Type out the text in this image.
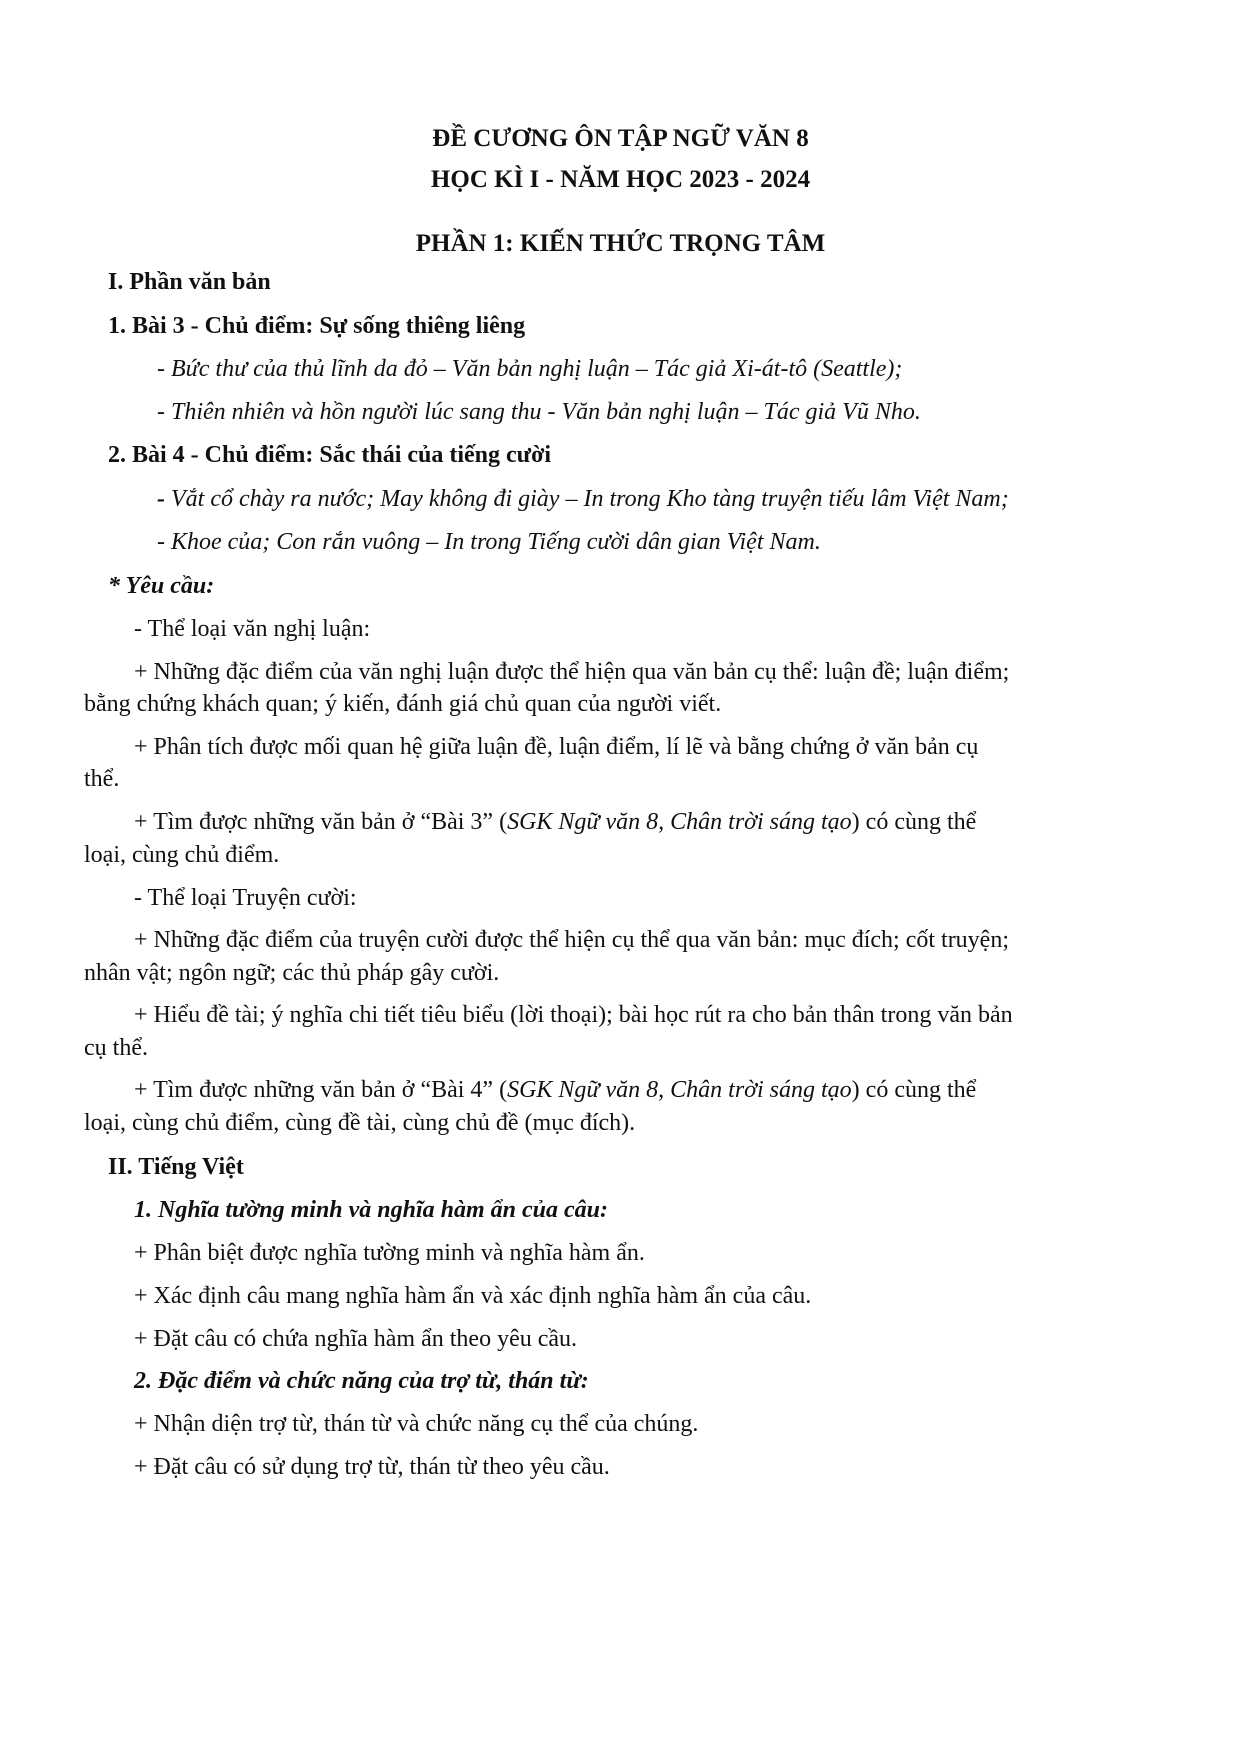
ĐỀ CƯƠNG ÔN TẬP NGỮ VĂN 8
HỌC KÌ I - NĂM HỌC 2023 - 2024
PHẦN 1: KIẾN THỨC TRỌNG TÂM
I. Phần văn bản
1. Bài 3 - Chủ điểm: Sự sống thiêng liêng
- Bức thư của thủ lĩnh da đỏ – Văn bản nghị luận – Tác giả Xi-át-tô (Seattle);
- Thiên nhiên và hồn người lúc sang thu - Văn bản nghị luận – Tác giả Vũ Nho.
2. Bài 4 - Chủ điểm: Sắc thái của tiếng cười
- Vắt cổ chày ra nước; May không đi giày – In trong Kho tàng truyện tiếu lâm Việt Nam;
- Khoe của; Con rắn vuông – In trong Tiếng cười dân gian Việt Nam.
* Yêu cầu:
- Thể loại văn nghị luận:
+ Những đặc điểm của văn nghị luận được thể hiện qua văn bản cụ thể: luận đề; luận điểm;
bằng chứng khách quan; ý kiến, đánh giá chủ quan của người viết.
+ Phân tích được mối quan hệ giữa luận đề, luận điểm, lí lẽ và bằng chứng ở văn bản cụ
thể.
+ Tìm được những văn bản ở “Bài 3” (SGK Ngữ văn 8, Chân trời sáng tạo) có cùng thể
loại, cùng chủ điểm.
- Thể loại Truyện cười:
+ Những đặc điểm của truyện cười được thể hiện cụ thể qua văn bản: mục đích; cốt truyện;
nhân vật; ngôn ngữ; các thủ pháp gây cười.
+ Hiểu đề tài; ý nghĩa chi tiết tiêu biểu (lời thoại); bài học rút ra cho bản thân trong văn bản
cụ thể.
+ Tìm được những văn bản ở “Bài 4” (SGK Ngữ văn 8, Chân trời sáng tạo) có cùng thể
loại, cùng chủ điểm, cùng đề tài, cùng chủ đề (mục đích).
II. Tiếng Việt
1. Nghĩa tường minh và nghĩa hàm ẩn của câu:
+ Phân biệt được nghĩa tường minh và nghĩa hàm ẩn.
+ Xác định câu mang nghĩa hàm ẩn và xác định nghĩa hàm ẩn của câu.
+ Đặt câu có chứa nghĩa hàm ẩn theo yêu cầu.
2. Đặc điểm và chức năng của trợ từ, thán từ:
+ Nhận diện trợ từ, thán từ và chức năng cụ thể của chúng.
+ Đặt câu có sử dụng trợ từ, thán từ theo yêu cầu.
